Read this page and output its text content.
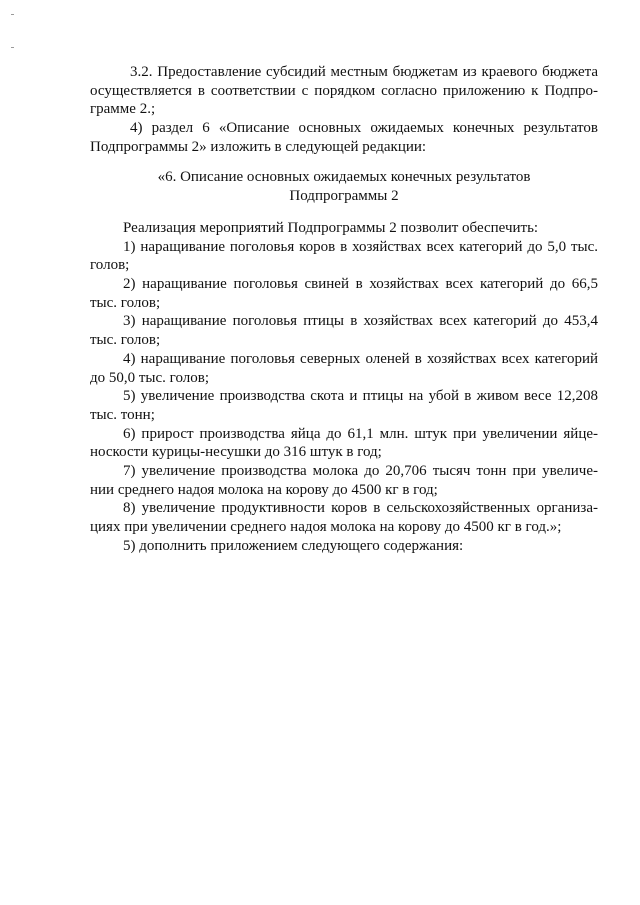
3.2. Предоставление субсидий местным бюджетам из краевого бюджета
осуществляется в соответствии с порядком согласно приложению к Подпро-
грамме 2.;
4) раздел 6 «Описание основных ожидаемых конечных результатов
Подпрограммы 2» изложить в следующей редакции:
«6. Описание основных ожидаемых конечных результатов
Подпрограммы 2
Реализация мероприятий Подпрограммы 2 позволит обеспечить:
1) наращивание поголовья коров в хозяйствах всех категорий до 5,0 тыс.
голов;
2) наращивание поголовья свиней в хозяйствах всех категорий до 66,5
тыс. голов;
3) наращивание поголовья птицы в хозяйствах всех категорий до 453,4
тыс. голов;
4) наращивание поголовья северных оленей в хозяйствах всех категорий
до 50,0 тыс. голов;
5) увеличение производства скота и птицы на убой в живом весе 12,208
тыс. тонн;
6) прирост производства яйца до 61,1 млн. штук при увеличении яйце-
носкости курицы-несушки до 316 штук в год;
7) увеличение производства молока до 20,706 тысяч тонн при увеличе-
нии среднего надоя молока на корову до 4500 кг в год;
8) увеличение продуктивности коров в сельскохозяйственных организа-
циях при увеличении среднего надоя молока на корову до 4500 кг в год.»;
5) дополнить приложением следующего содержания:
